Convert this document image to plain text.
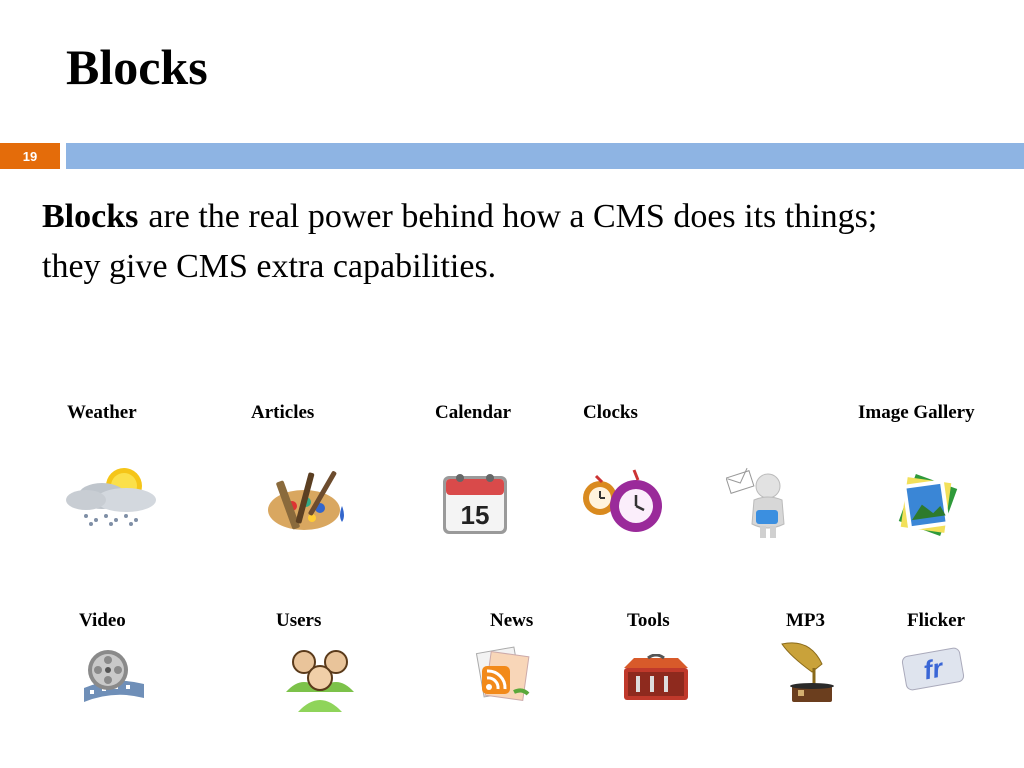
Blocks
19
Blocks are the real power behind how a CMS does its things; they give CMS extra capabilities.
Weather	Articles	Calendar	Clocks	Image Gallery
15
Video	Users	News	Tools	MP3	Flicker
fr
